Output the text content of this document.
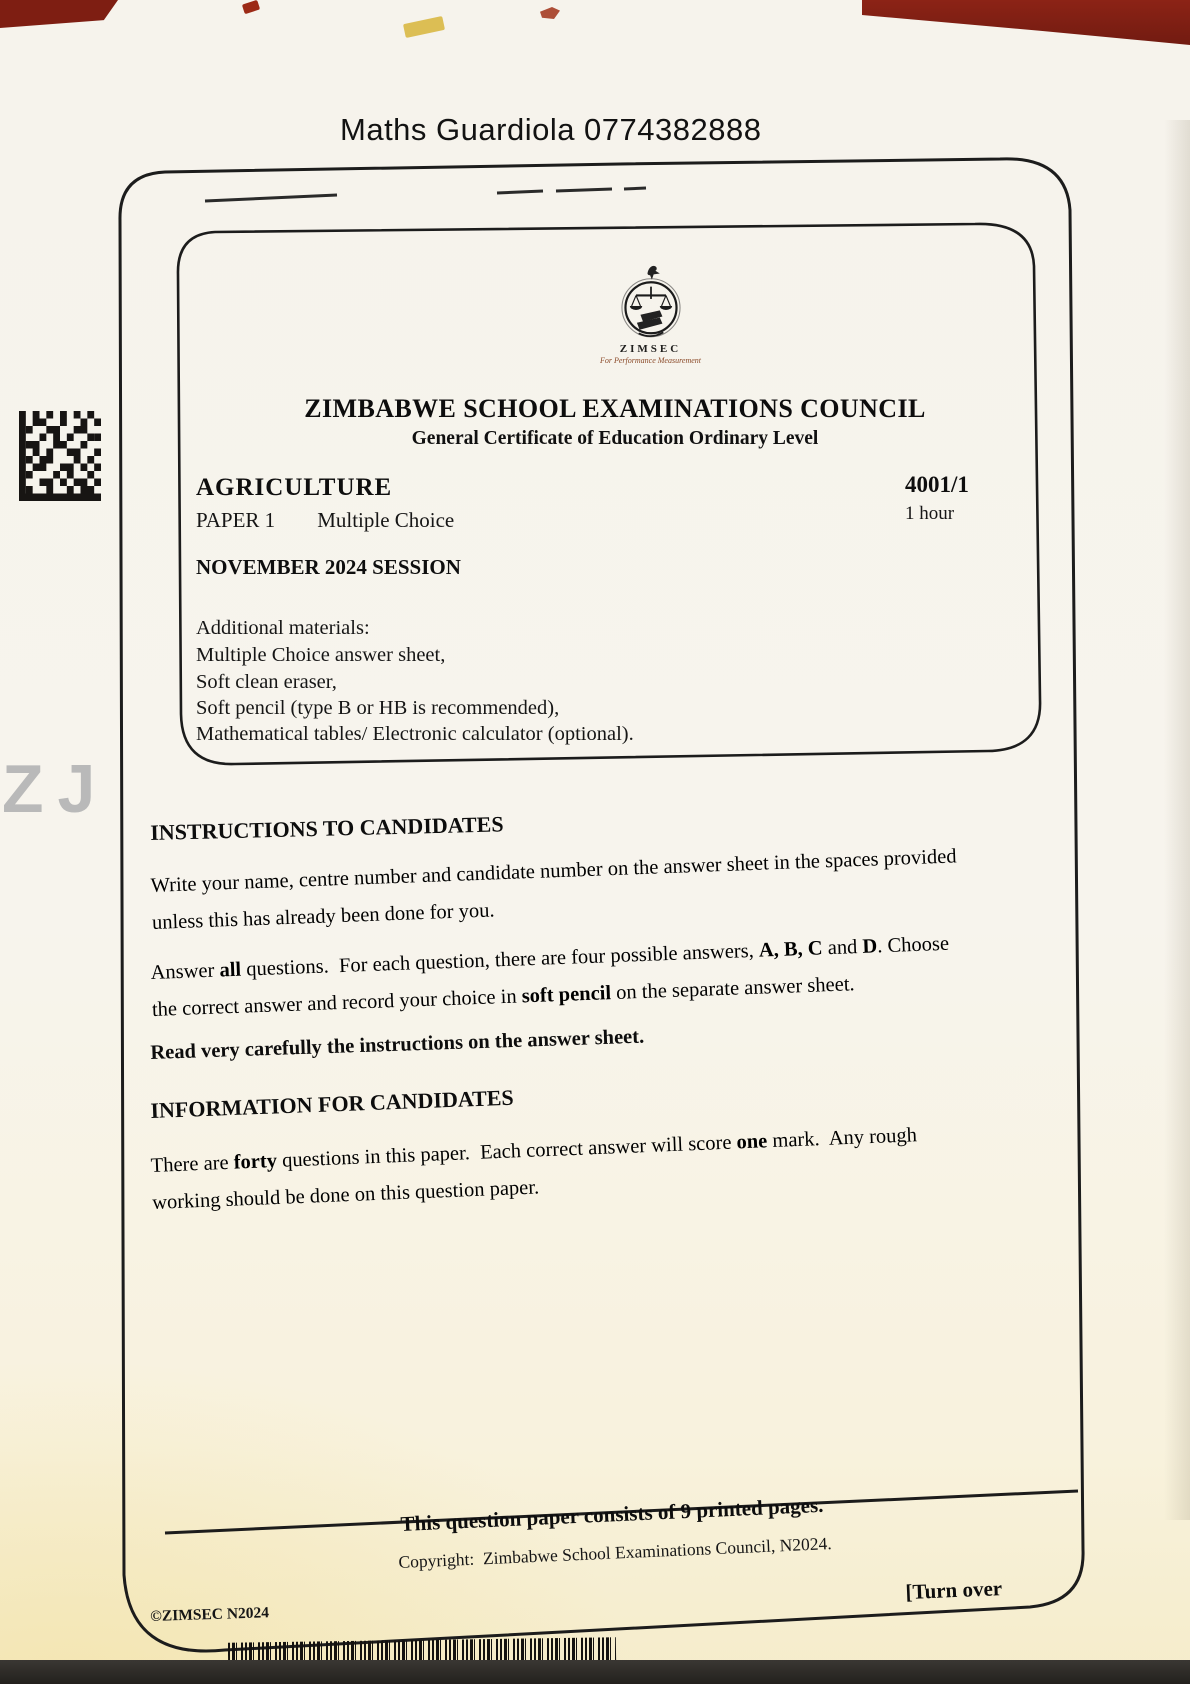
Maths Guardiola 0774382888
ZIMSEC
For Performance Measurement
ZIMBABWE SCHOOL EXAMINATIONS COUNCIL
General Certificate of Education Ordinary Level
AGRICULTURE	4001/1
PAPER 1 Multiple Choice	1 hour
NOVEMBER 2024 SESSION
Additional materials:
Multiple Choice answer sheet,
Soft clean eraser,
Soft pencil (type B or HB is recommended),
Mathematical tables/ Electronic calculator (optional).
INSTRUCTIONS TO CANDIDATES
Write your name, centre number and candidate number on the answer sheet in the spaces provided
unless this has already been done for you.
Answer all questions.  For each question, there are four possible answers, A, B, C and D. Choose
the correct answer and record your choice in soft pencil on the separate answer sheet.
Read very carefully the instructions on the answer sheet.
INFORMATION FOR CANDIDATES
There are forty questions in this paper.  Each correct answer will score one mark.  Any rough
working should be done on this question paper.
This question paper consists of 9 printed pages.
Copyright:  Zimbabwe School Examinations Council, N2024.
[Turn over
©ZIMSEC N2024
ZJ
